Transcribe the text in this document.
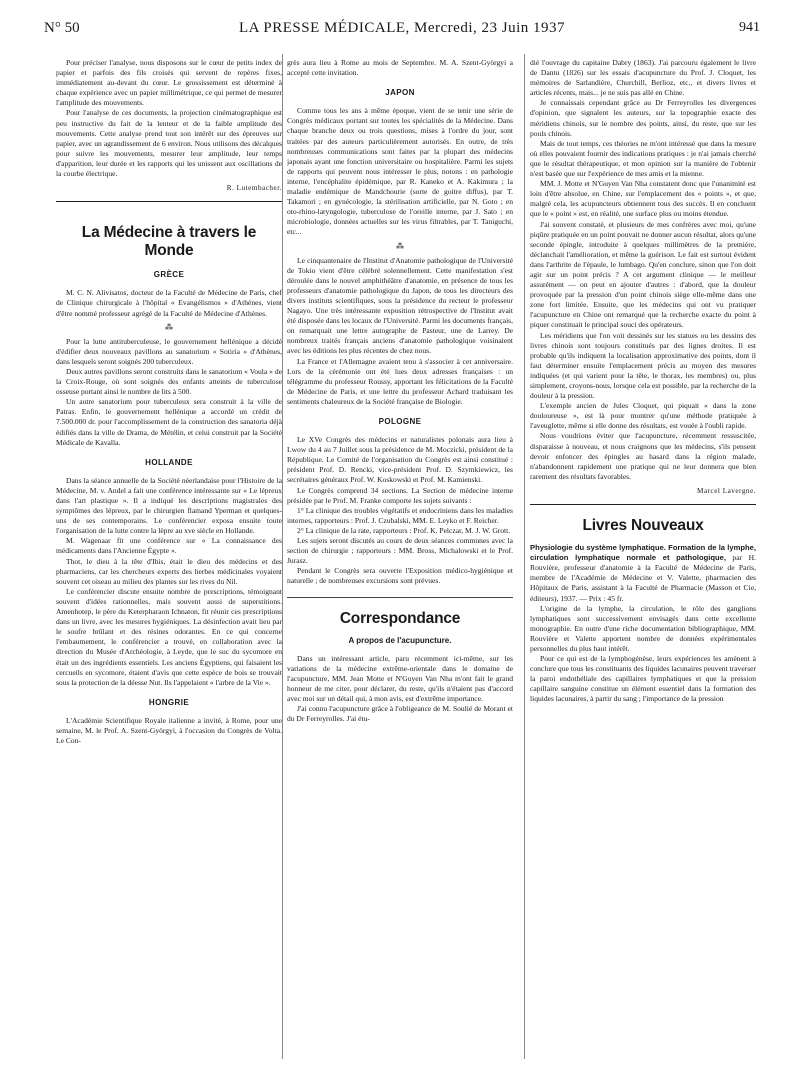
N° 50	LA PRESSE MÉDICALE, Mercredi, 23 Juin 1937	941

Pour préciser l'analyse, nous disposons sur le cœur de petits index de papier et parfois des fils croisés qui servent de repères fixes, immédiatement au-devant du cœur. Le grossissement est déterminé à chaque expérience avec un papier millimétrique, ce qui permet de mesurer l'amplitude des mouvements.

Pour l'analyse de ces documents, la projection cinématographique est peu instructive du fait de la lenteur et de la faible amplitude des mouvements. Cette analyse prend tout son intérêt sur des épreuves sur papier, avec un agrandissement de 6 environ. Nous utilisons des décalques pour suivre les mouvements, mesurer leur amplitude, leur temps d'apparition, leur durée et les rapports qui les unissent aux oscillations de la courbe électrique.

R. Lutembacher.
La Médecine à travers le Monde
GRÈCE

M. C. N. Alivisatos, docteur de la Faculté de Médecine de Paris, chef de Clinique chirurgicale à l'hôpital « Evangélismos » d'Athènes, vient d'être nommé professeur agrégé de la Faculté de Médecine d'Athènes.

⁂

Pour la lutte antituberculeuse, le gouvernement hellénique a décidé d'édifier deux nouveaux pavillons au sanatorium « Sotiria » d'Athènes, dans lesquels seront soignés 200 tuberculeux.

Deux autres pavillons seront construits dans le sanatorium « Voula » de la Croix-Rouge, où sont soignés des enfants atteints de tuberculose osseuse portant ainsi le nombre de lits à 500.

Un autre sanatorium pour tuberculeux sera construit à la ville de Patras. Enfin, le gouvernement hellénique a accordé un crédit de 7.500.000 dr. pour l'accomplissement de la construction des sanatoria déjà édifiés dans la ville de Drama, de Métélin, et celui construit par la Société Médicale de Kavalla.

HOLLANDE

Dans la séance annuelle de la Société néerlandaise pour l'Histoire de la Médecine, M. v. Andel a fait une conférence intéressante sur « Le lépreux dans l'art plastique ». Il a indiqué les descriptions magistrales des symptômes des lépreux, par le chirurgien flamand Yperman et quelques-uns de ses contemporains. Le conférencier exposa ensuite toute l'organisation de la lutte contre la lèpre au xve siècle en Hollande.

M. Wagenaar fit une conférence sur « La connaissance des médicaments dans l'Ancienne Égypte ».

Thot, le dieu à la tête d'Ibis, était le dieu des médecins et des pharmaciens, car les chercheurs experts des herbes médicinales voyaient souvent cet oiseau au milieu des plantes sur les rives du Nil.

Le conférencier discute ensuite nombre de prescriptions, témoignant souvent d'idées rationnelles, mais souvent aussi de superstitions. Amenhotep, le père du Keterpharaon Ichnaton, fit réunir ces prescriptions dans un livre, avec les mesures hygiéniques. La désinfection avait lieu par le soufre brûlant et des résines odorantes. En ce qui concerne l'embaumement, le conférencier a trouvé, en collaboration avec la direction du Musée d'Archéologie, à Leyde, que le suc du sycomore en était un des ingrédients essentiels. Les anciens Égyptiens, qui faisaient les cercueils en sycomore, étaient d'avis que cette espèce de bois se trouvait sous la protection de la déesse Nut. Ils l'appelaient « l'arbre de la Vie ».

HONGRIE

L'Académie Scientifique Royale italienne a invité, à Rome, pour une semaine, M. le Prof. A. Szent-Györgyi, à l'occasion du Congrès de Volta. Le Con-

grès aura lieu à Rome au mois de Septembre. M. A. Szent-Györgyi a accepté cette invitation.

JAPON

Comme tous les ans à même époque, vient de se tenir une série de Congrès médicaux portant sur toutes les spécialités de la Médecine. Dans chaque branche deux ou trois questions, mises à l'ordre du jour, sont traitées par des auteurs particulièrement autorisés. En outre, de très nombreuses communications sont faites par la plupart des médecins japonais ayant une fonction universitaire ou hospitalière. Parmi les sujets de rapports qui peuvent nous intéresser le plus, notons : en pathologie interne, l'encéphalite épidémique, par R. Kaneko et A. Kakimura ; la maladie endémique de Mandchourie (sorte de goitre diffus), par T. Takamori ; en gynécologie, la stérilisation artificielle, par N. Goto ; en oto-rhino-laryngologie, tuberculose de l'oreille interne, par J. Sato ; en microbiologie, données actuelles sur les virus filtrables, par T. Taniguchi, etc...

⁂

Le cinquantenaire de l'Institut d'Anatomie pathologique de l'Université de Tokio vient d'être célébré solennellement. Cette manifestation s'est déroulée dans le nouvel amphithéâtre d'anatomie, en présence de tous les professeurs d'anatomie pathologique du Japon, de tous les directeurs des divers instituts scientifiques, sous la présidence du recteur le professeur Nagayo. Une très intéressante exposition rétrospective de l'Institut avait été disposée dans les locaux de l'Université. Parmi les documents français, on remarquait une lettre autographe de Pasteur, une de Larrey. De nombreux traités français anciens d'anatomie pathologique voisinaient avec les éditions les plus récentes de chez nous.

La France et l'Allemagne avaient tenu à s'associer à cet anniversaire. Lors de la cérémonie ont été lues deux adresses françaises : un télégramme du professeur Roussy, apportant les félicitations de la Faculté de Médecine de Paris, et une lettre du professeur Achard traduisant les sentiments chaleureux de la Société française de Biologie.

POLOGNE

Le XVe Congrès des médecins et naturalistes polonais aura lieu à Lwow du 4 au 7 Juillet sous la présidence de M. Moczicki, président de la République. Le Comité de l'organisation du Congrès est ainsi constitué : président Prof. D. Rencki, vice-président Prof. D. Szymkiewicz, les secrétaires généraux Prof. W. Koskowski et Prof. M. Kamienski.

Le Congrès comprend 34 sections. La Section de médecine interne présidée par le Prof. M. Franke comporte les sujets suivants :

1° La clinique des troubles végétatifs et endocriniens dans les maladies internes, rapporteurs : Prof. J. Czubalski, MM. E. Leyko et F. Reicher.

2° La clinique de la rate, rapporteurs : Prof. K. Pelczar, M. J. W. Grott.

Les sujets seront discutés au cours de deux séances communes avec la section de chirurgie ; rapporteurs : MM. Bross, Michalowski et le Prof. Jurasz.

Pendant le Congrès sera ouverte l'Exposition médico-hygiénique et naturelle ; de nombreuses excursions sont prévues.

Correspondance
A propos de l'acupuncture.

Dans un intéressant article, paru récemment ici-même, sur les variations de la médecine extrême-orientale dans le domaine de l'acupuncture, MM. Jean Motte et N'Guyen Van Nha m'ont fait le grand honneur de me citer, pour déclarer, du reste, qu'ils n'étaient pas d'accord avec moi sur un détail qui, à mon avis, est d'extrême importance.

J'ai connu l'acupuncture grâce à l'obligeance de M. Soulié de Morant et du Dr Ferreyrolles. J'ai étu-

dié l'ouvrage du capitaine Dabry (1863). J'ai parcouru également le livre de Dantu (1826) sur les essais d'acupuncture du Prof. J. Cloquet, les mémoires de Sarlandière, Churchill, Berlioz, etc., et divers livres et articles récents, mais... je ne suis pas allé en Chine.

Je connaissais cependant grâce au Dr Ferreyrolles les divergences d'opinion, que signalent les auteurs, sur la topographie exacte des méridiens chinois, sur le nombre des points, ainsi, du reste, que sur les pouls chinois.

Mais de tout temps, ces théories ne m'ont intéressé que dans la mesure où elles pouvaient fournir des indications pratiques : je n'ai jamais cherché que le résultat thérapeutique, et mon opinion sur la manière de l'obtenir n'est basée que sur l'expérience de mes amis et la mienne.

MM. J. Motte et N'Guyen Van Nha constatent donc que l'unanimité est loin d'être absolue, en Chine, sur l'emplacement des « points », et que, malgré cela, les acupuncteurs obtiennent tous des succès. Il en concluent que le « point » est, en réalité, une surface plus ou moins étendue.

J'ai souvent constaté, et plusieurs de mes confrères avec moi, qu'une piqûre pratiquée en un point pouvait ne donner aucun résultat, alors qu'une seconde épingle, introduite à quelques millimètres de la première, déclanchait l'amélioration, et même la guérison. Le fait est surtout évident dans l'arthrite de l'épaule, le lumbago. Qu'en conclure, sinon que l'on doit agir sur un point précis ? A cet argument clinique — le meilleur assurément — on peut en ajouter d'autres : d'abord, que la douleur provoquée par la pression d'un point chinois siège elle-même dans une zone fort limitée. Ensuite, que les médecins qui ont vu pratiquer l'acupuncture en Chine ont remarqué que la recherche exacte du point à piquer constituait le principal souci des opérateurs.

Les méridiens que l'on voit dessinés sur les statues ou les dessins des livres chinois sont toujours constitués par des lignes droites. Il est probable qu'ils indiquent la localisation approximative des points, dont il faut déterminer ensuite l'emplacement précis au moyen des mesures indiquées (et qui varient pour la tête, le thorax, les membres) ou, plus simplement, croyons-nous, lorsque cela est possible, par la recherche de la douleur à la pression.

L'exemple ancien de Jules Cloquet, qui piquait « dans la zone douloureuse », est là pour montrer qu'une méthode pratiquée à l'aveuglette, même si elle donne des résultats, est vouée à l'oubli rapide.

Nous voudrions éviter que l'acupuncture, récemment ressuscitée, disparaisse à nouveau, et nous craignons que les médecins, s'ils pensent devoir enfoncer des épingles au hasard dans la région malade, n'abandonnent rapidement une pratique qui ne leur donnera que bien rarement des résultats favorables.

Marcel Lavergne.
Livres Nouveaux
Physiologie du système lymphatique. Formation de la lymphe, circulation lymphatique normale et pathologique, par H. Rouvière, professeur d'anatomie à la Faculté de Médecine de Paris, membre de l'Académie de Médecine et V. Valette, pharmacien des Hôpitaux de Paris, assistant à la Faculté de Pharmacie (Masson et Cie, éditeurs), 1937. — Prix : 45 fr.

L'origine de la lymphe, la circulation, le rôle des ganglions lymphatiques sont successivement envisagés dans cette excellente monographie. En outre d'une riche documentation bibliographique, MM. Rouvière et Valette apportent nombre de données expérimentales personnelles du plus haut intérêt.

Pour ce qui est de la lymphogénèse, leurs expériences les amènent à conclure que tous les constituants des liquides lacunaires peuvent traverser la paroi endothéliale des capillaires lymphatiques et que la pression capillaire sanguine constitue un élément essentiel dans la formation des liquides lacunaires, à partir du sang ; l'importance de la pression
